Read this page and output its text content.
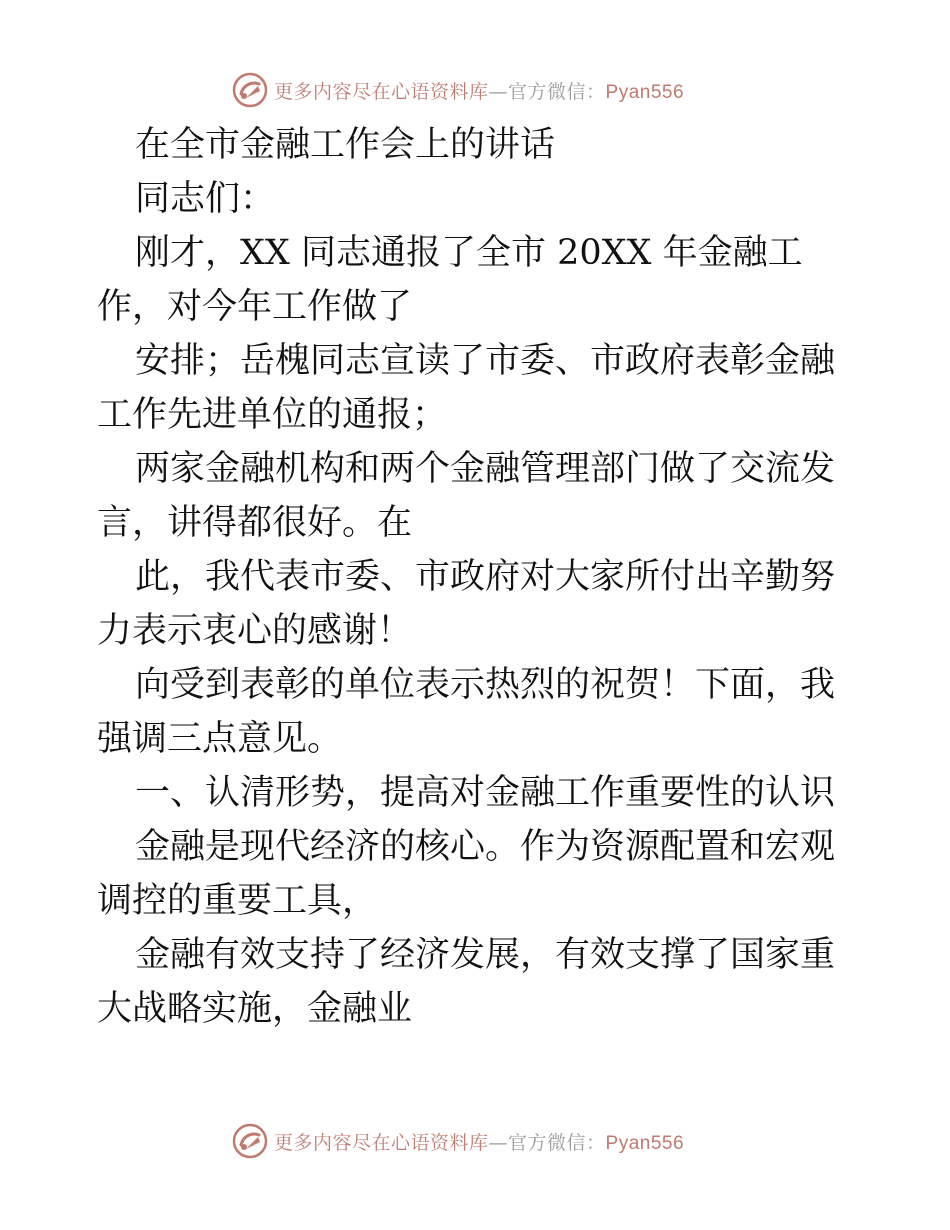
更多内容尽在心语资料库—官方微信：Pyan556

在全市金融工作会上的讲话

同志们：

刚才，XX 同志通报了全市 20XX 年金融工作，对今年工作做了

安排；岳槐同志宣读了市委、市政府表彰金融工作先进单位的通报；

两家金融机构和两个金融管理部门做了交流发言，讲得都很好。在

此，我代表市委、市政府对大家所付出辛勤努力表示衷心的感谢！

向受到表彰的单位表示热烈的祝贺！下面，我强调三点意见。

一、认清形势，提高对金融工作重要性的认识

金融是现代经济的核心。作为资源配置和宏观调控的重要工具，

金融有效支持了经济发展，有效支撑了国家重大战略实施，金融业

更多内容尽在心语资料库—官方微信：Pyan556
